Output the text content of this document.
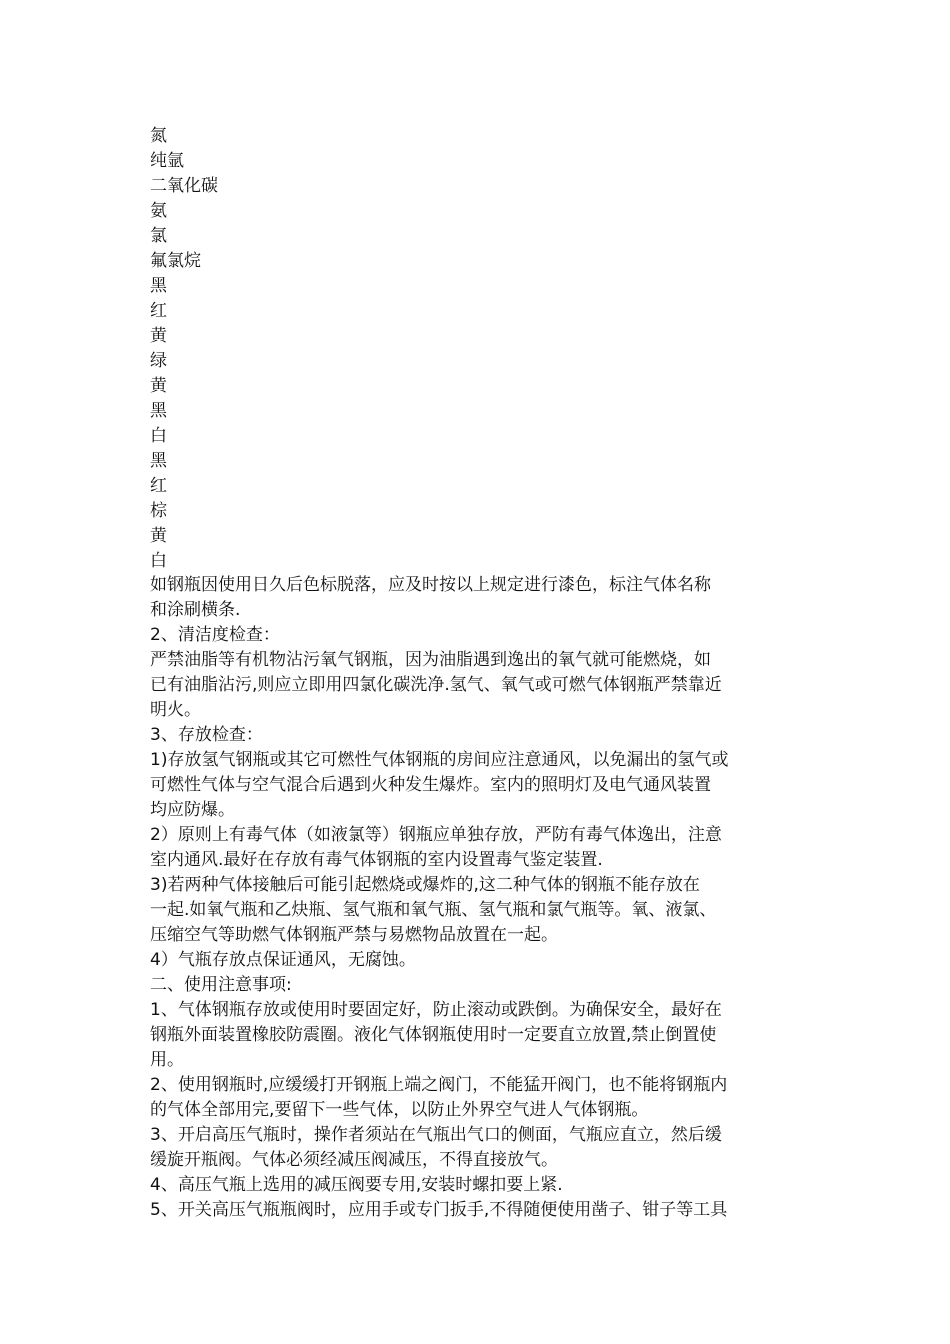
氮
纯氩
二氧化碳
氨
氯
氟氯烷
黑
红
黄
绿
黄
黑
白
黑
红
棕
黄
白
如钢瓶因使用日久后色标脱落，应及时按以上规定进行漆色，标注气体名称
和涂刷横条.
2、清洁度检查：
严禁油脂等有机物沾污氧气钢瓶，因为油脂遇到逸出的氧气就可能燃烧，如
已有油脂沾污,则应立即用四氯化碳洗净.氢气、氧气或可燃气体钢瓶严禁靠近
明火。
3、存放检查：
1)存放氢气钢瓶或其它可燃性气体钢瓶的房间应注意通风，以免漏出的氢气或
可燃性气体与空气混合后遇到火种发生爆炸。室内的照明灯及电气通风装置
均应防爆。
2）原则上有毒气体（如液氯等）钢瓶应单独存放，严防有毒气体逸出，注意
室内通风.最好在存放有毒气体钢瓶的室内设置毒气鉴定装置.
3)若两种气体接触后可能引起燃烧或爆炸的,这二种气体的钢瓶不能存放在
一起.如氧气瓶和乙炔瓶、氢气瓶和氧气瓶、氢气瓶和氯气瓶等。氧、液氯、
压缩空气等助燃气体钢瓶严禁与易燃物品放置在一起。
4）气瓶存放点保证通风，无腐蚀。
二、使用注意事项:
1、气体钢瓶存放或使用时要固定好，防止滚动或跌倒。为确保安全，最好在
钢瓶外面装置橡胶防震圈。液化气体钢瓶使用时一定要直立放置,禁止倒置使
用。
2、使用钢瓶时,应缓缓打开钢瓶上端之阀门，不能猛开阀门，也不能将钢瓶内
的气体全部用完,要留下一些气体，以防止外界空气进人气体钢瓶。
3、开启高压气瓶时，操作者须站在气瓶出气口的侧面，气瓶应直立，然后缓
缓旋开瓶阀。气体必须经减压阀减压，不得直接放气。
4、高压气瓶上选用的减压阀要专用,安装时螺扣要上紧.
5、开关高压气瓶瓶阀时，应用手或专门扳手,不得随便使用凿子、钳子等工具
